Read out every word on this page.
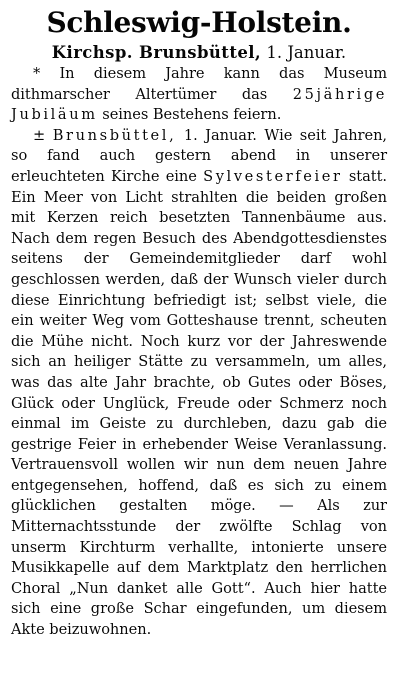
Schleswig-Holstein.
Kirchsp. Brunsbüttel, 1. Januar.

* In diesem Jahre kann das Museum dithmarscher Altertümer das 25jährige Jubiläum seines Bestehens feiern.

± Brunsbüttel, 1. Januar. Wie seit Jahren, so fand auch gestern abend in unserer erleuchteten Kirche eine Sylvesterfeier statt. Ein Meer von Licht strahlten die beiden großen mit Kerzen reich besetzten Tannenbäume aus. Nach dem regen Besuch des Abendgottesdienstes seitens der Gemeindemitglieder darf wohl geschlossen werden, daß der Wunsch vieler durch diese Einrichtung befriedigt ist; selbst viele, die ein weiter Weg vom Gotteshause trennt, scheuten die Mühe nicht. Noch kurz vor der Jahreswende sich an heiliger Stätte zu versammeln, um alles, was das alte Jahr brachte, ob Gutes oder Böses, Glück oder Unglück, Freude oder Schmerz noch einmal im Geiste zu durchleben, dazu gab die gestrige Feier in erhebender Weise Veranlassung. Vertrauensvoll wollen wir nun dem neuen Jahre entgegensehen, hoffend, daß es sich zu einem glücklichen gestalten möge. — Als zur Mitternachtsstunde der zwölfte Schlag von unserm Kirchturm verhallte, intonierte unsere Musikkapelle auf dem Marktplatz den herrlichen Choral „Nun danket alle Gott“. Auch hier hatte sich eine große Schar eingefunden, um diesem Akte beizuwohnen.
